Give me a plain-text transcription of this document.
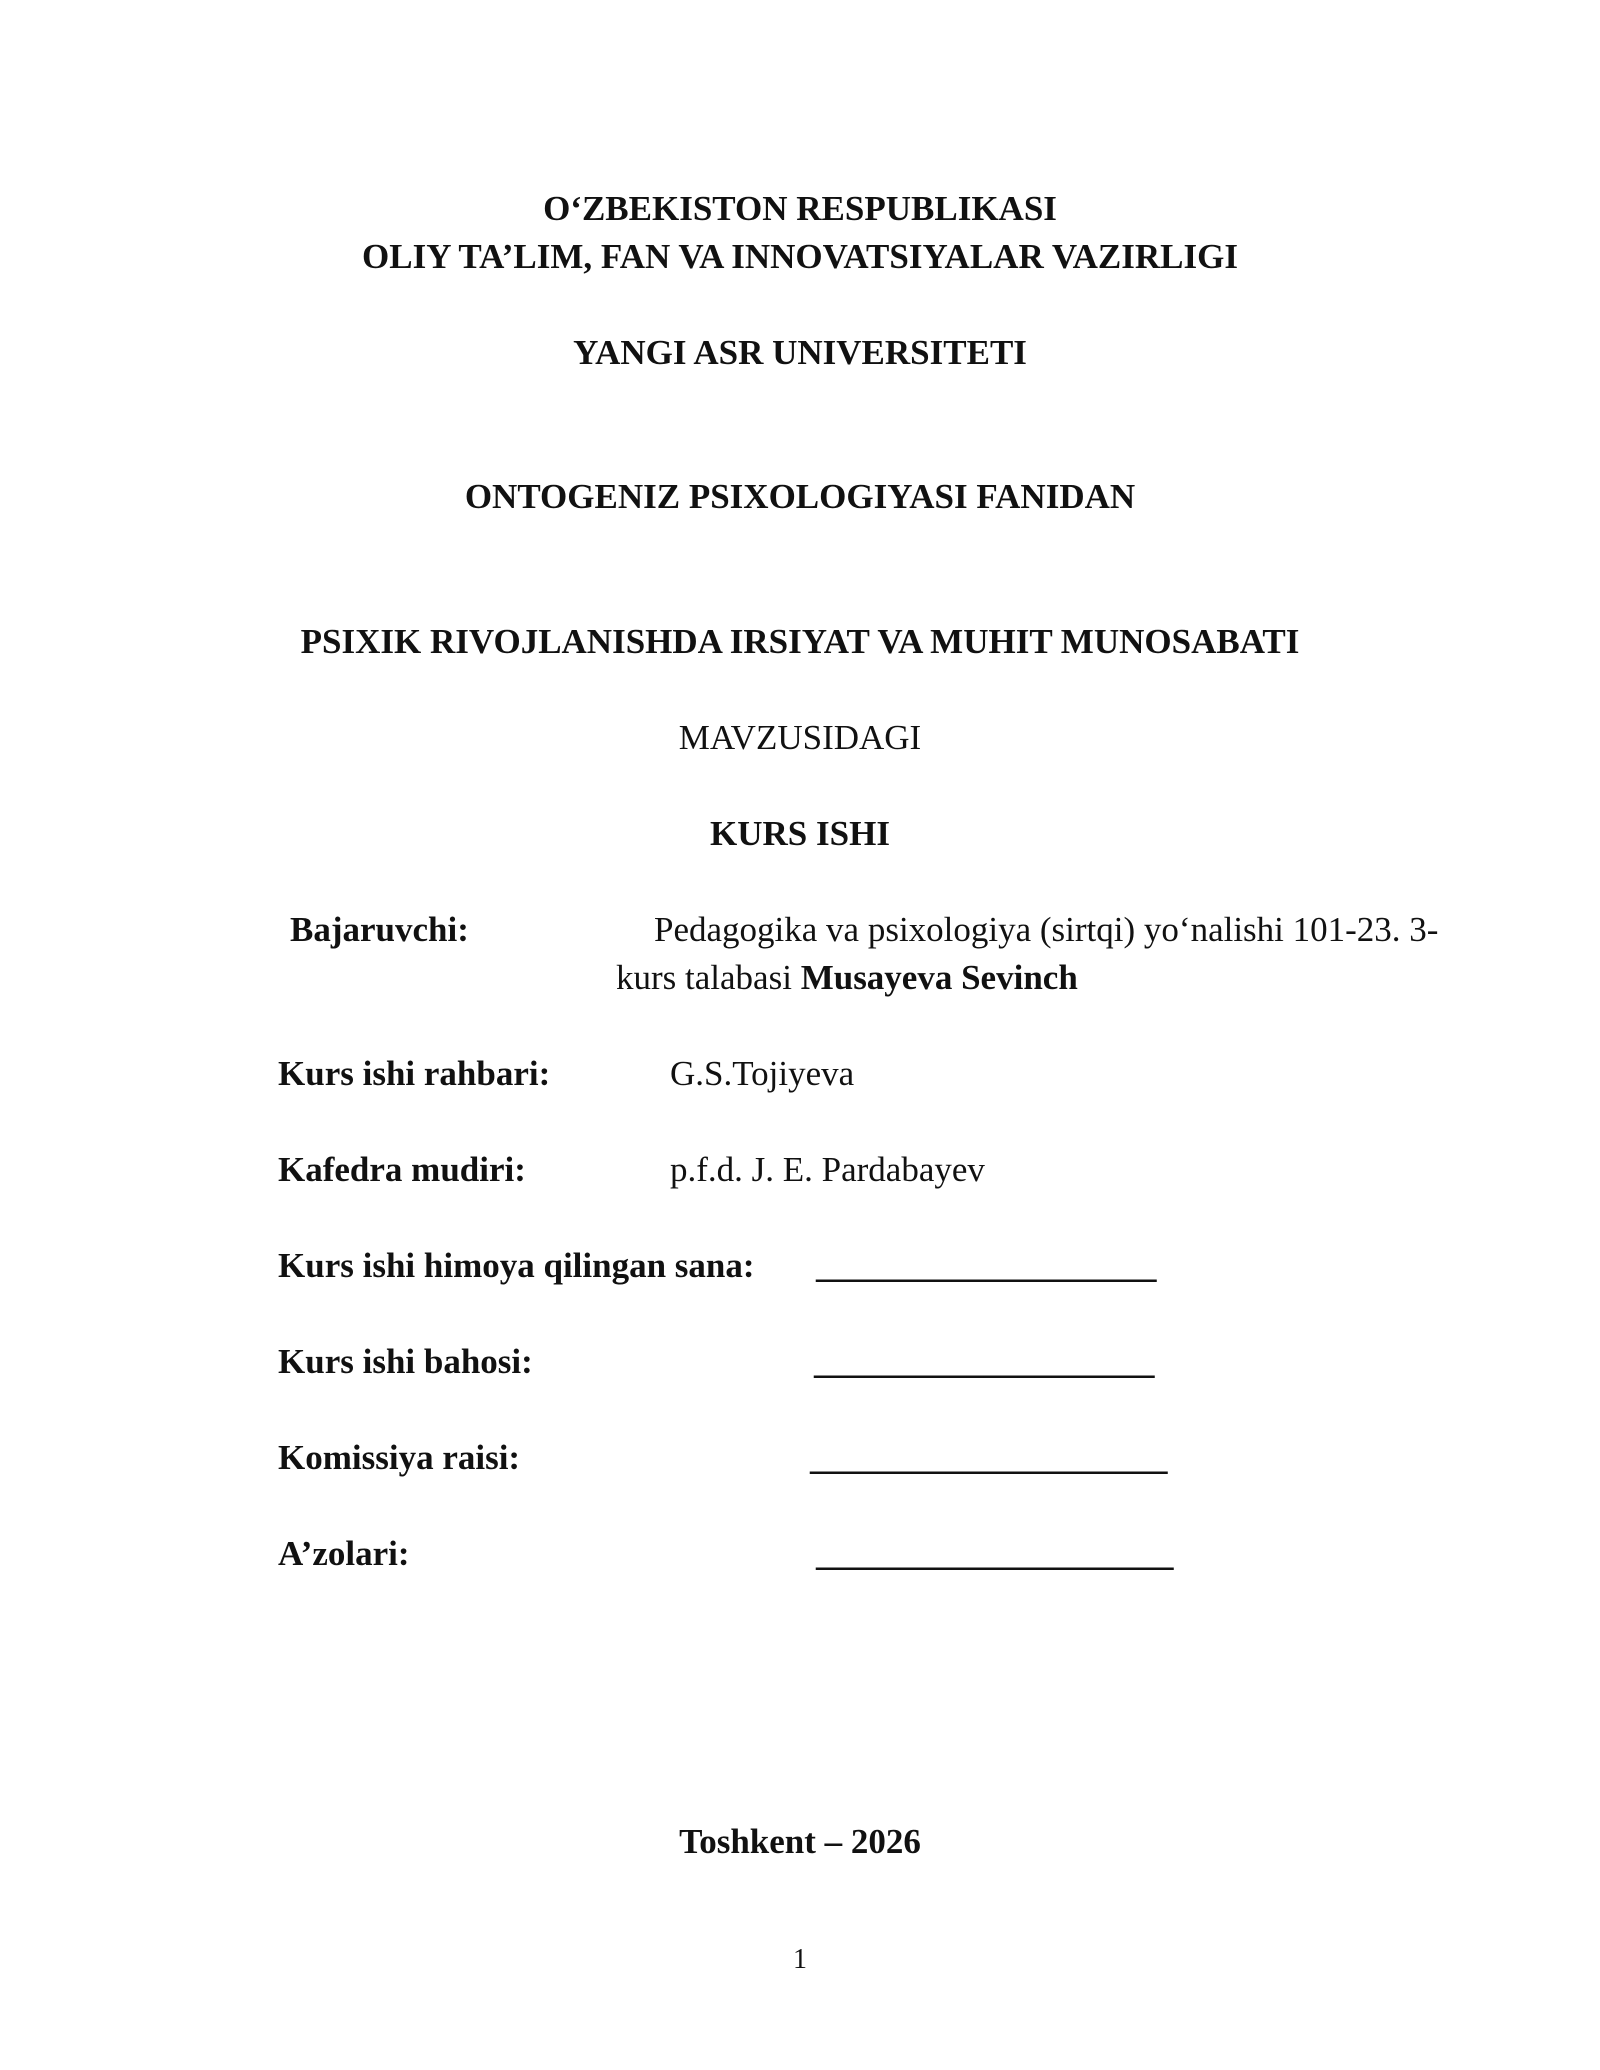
O‘ZBEKISTON RESPUBLIKASI
OLIY TA’LIM, FAN VA INNOVATSIYALAR VAZIRLIGI
YANGI ASR UNIVERSITETI
ONTOGENIZ PSIXOLOGIYASI FANIDAN
PSIXIK RIVOJLANISHDA IRSIYAT VA MUHIT MUNOSABATI
MAVZUSIDAGI
KURS ISHI
Bajaruvchi:	Pedagogika va psixologiya (sirtqi) yo‘nalishi 101-23. 3-
kurs talabasi Musayeva Sevinch
Kurs ishi rahbari:	G.S.Tojiyeva
Kafedra mudiri:	p.f.d. J. E. Pardabayev
Kurs ishi himoya qilingan sana: ____________________
Kurs ishi bahosi:	____________________
Komissiya raisi:	_____________________
A’zolari:	_____________________
Toshkent – 2026
1
